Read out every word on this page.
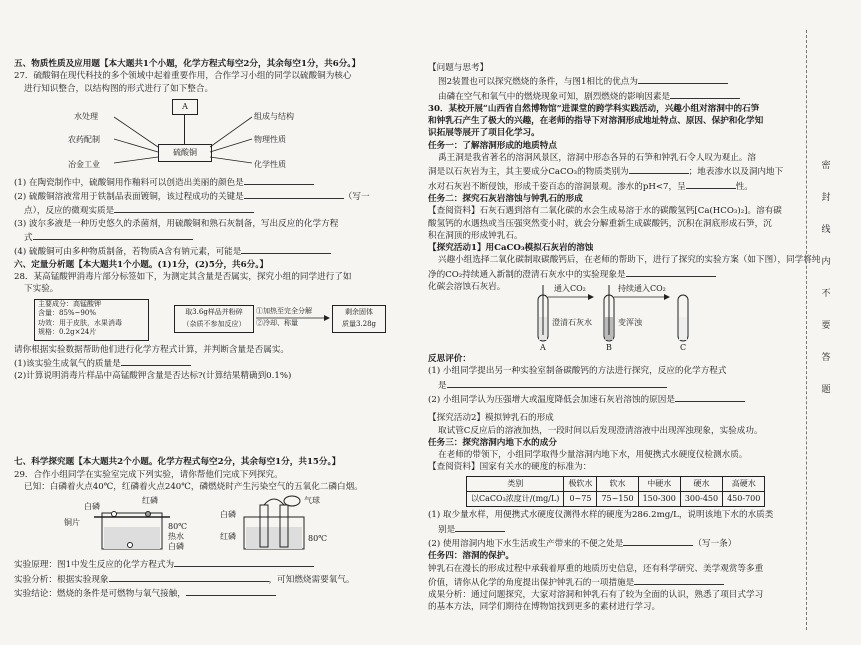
五、物质性质及应用题【本大题共1个小题，化学方程式每空2分，其余每空1分，共6分。】
27．硫酸铜在现代科技的多个领域中起着重要作用，合作学习小组的同学以硫酸铜为核心
进行知识整合，以结构图的形式进行了如下整合。
A
硫酸铜
水处理
农药配制
冶金工业
组成与结构
物理性质
化学性质
(1) 在陶瓷制作中，硫酸铜用作釉料可以创造出美丽的颜色是
(2) 硫酸铜溶液常用于铁制品表面镀铜，该过程成功的关键是	（写一
点），反应的微观实质是
(3) 波尔多液是一种历史悠久的杀菌剂，用硫酸铜和熟石灰制备，写出反应的化学方程
式
(4) 硫酸铜可由多种物质制备，若物质A含有钠元素，可能是
六、定量分析题【本大题共1个小题。(1)1分，(2)5分，共6分。】
28．某高锰酸钾消毒片部分标签如下，为测定其含量是否属实，探究小组的同学进行了如
下实验。
主要成分：高锰酸钾
含量：85%~90%
功效：用于皮肤，水果消毒
规格：0.2g×24片
取3.6g样品并粉碎
（杂质不参加反应）
①加热至完全分解
②冷却、称量
剩余固体
质量3.28g
请你根据实验数据帮助他们进行化学方程式计算，并判断含量是否属实。
(1)该实验生成氧气的质量是
(2)计算说明消毒片样品中高锰酸钾含量是否达标?(计算结果精确到0.1%)
七、科学探究题【本大题共2个小题。化学方程式每空2分，其余每空1分，共15分。】
29．合作小组同学在实验室完成下列实验，请你帮他们完成下列探究。
已知：白磷着火点40℃，红磷着火点240℃，磷燃烧时产生污染空气的五氧化二磷白烟。
白磷
红磷
铜片	80℃
热水
白磷
气球
白磷
红磷	80℃
实验原理：图1中发生反应的化学方程式为
实验分析：根据实验现象	，可知燃烧需要氧气。
实验结论：燃烧的条件是可燃物与氧气接触，
【问题与思考】
图2装置也可以探究燃烧的条件，与图1相比的优点为
由磷在空气和氧气中的燃烧现象可知，剧烈燃烧的影响因素是
30．某校开展“山西省自然博物馆”进课堂的跨学科实践活动，兴趣小组对溶洞中的石笋
和钟乳石产生了极大的兴趣，在老师的指导下对溶洞形成地址特点、原因、保护和化学知
识拓展等展开了项目化学习。
任务一：了解溶洞形成的地质特点
禹王洞是我省著名的溶洞风景区，溶洞中形态各异的石笋和钟乳石令人叹为观止。溶
洞是以石灰岩为主，其主要成分CaCO₃的物质类别为	；地表渗水以及洞内地下
水对石灰岩不断侵蚀，形成千姿百态的溶洞景观。渗水的pH<7，呈	性。
任务二：探究石灰岩溶蚀与钟乳石的形成
【查阅资料】石灰石遇到溶有二氧化碳的水会生成易溶于水的碳酸氢钙[Ca(HCO₃)₂]。溶有碳
酸氢钙的水遇热或当压强突然变小时，就会分解重新生成碳酸钙，沉积在洞底形成石笋，沉
积在洞顶的形成钟乳石。
【探究活动1】用CaCO₃模拟石灰岩的溶蚀
兴趣小组选择二氧化碳制取碳酸钙后，在老师的帮助下，进行了探究的实验方案（如下图），同学将纯
净的CO₂持续通入新制的澄清石灰水中的实验现象是
化碳会溶蚀石灰岩。	通入CO₂	持续通入CO₂
澄清石灰水	变浑浊
A	B	C
反思评价：
(1) 小组同学提出另一种实验室制备碳酸钙的方法进行探究，反应的化学方程式
是
(2) 小组同学认为压强增大或温度降低会加速石灰岩溶蚀的原因是
【探究活动2】模拟钟乳石的形成
取试管C反应后的溶液加热，一段时间以后发现澄清溶液中出现浑浊现象，实验成功。
任务三：探究溶洞内地下水的成分
在老师的带领下，小组同学取得少量溶洞内地下水，用便携式水硬度仪检测水质。
【查阅资料】国家有关水的硬度的标准为：
类别	极软水	软水	中硬水	硬水	高硬水
以CaCO₃浓度计/(mg/L)	0~75	75~150	150-300	300-450	450-700
(1) 取少量水样，用便携式水硬度仪测得水样的硬度为286.2mg/L，说明该地下水的水质类
别是
(2) 使用溶洞内地下水生活或生产带来的不便之处是	（写一条）
任务四：溶洞的保护。
钟乳石在漫长的形成过程中承载着厚重的地质历史信息，还有科学研究、美学观赏等多重
价值，请你从化学的角度提出保护钟乳石的一项措施是
成果分析：通过问题探究，大家对溶洞和钟乳石有了较为全面的认识，熟悉了项目式学习
的基本方法，同学们期待在博物馆找到更多的素材进行学习。
密
封
线
内
不
要
答
题
